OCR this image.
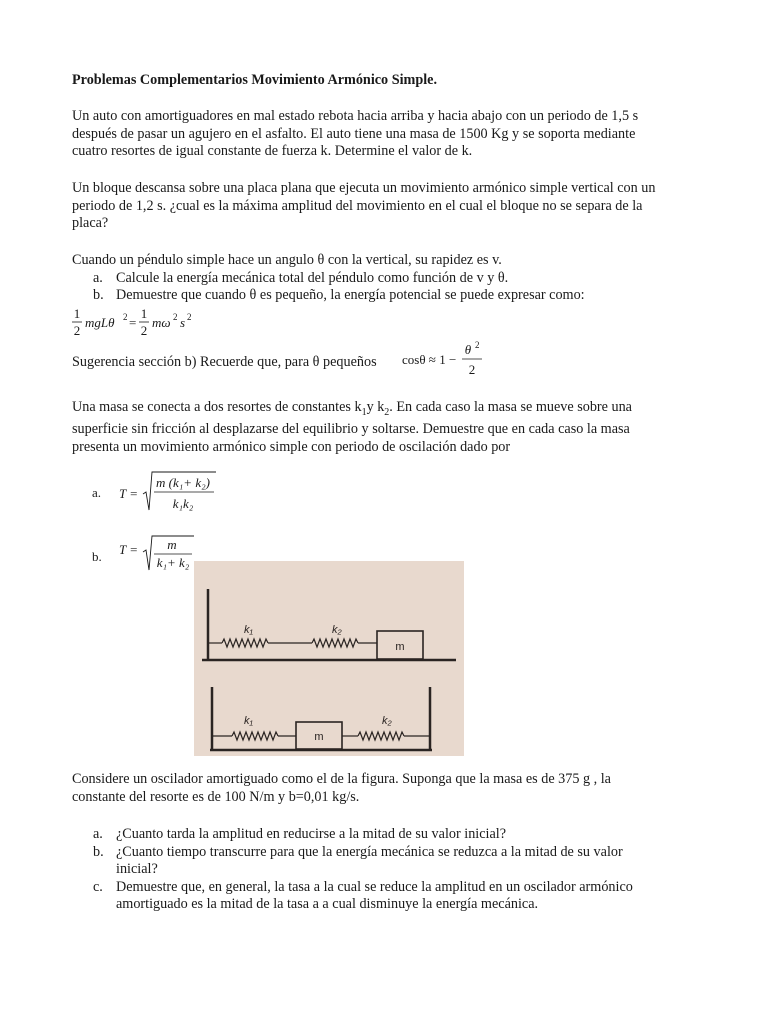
Problemas Complementarios Movimiento Armónico Simple.

Un auto con amortiguadores en mal estado rebota hacia arriba y hacia abajo con un periodo de 1,5 s

después de pasar un agujero en el asfalto. El auto tiene una masa de 1500 Kg y se soporta mediante

cuatro resortes de igual constante de fuerza k. Determine el valor de k.

Un bloque descansa sobre una placa plana que ejecuta un movimiento armónico simple vertical con un

periodo de 1,2 s. ¿cual es la máxima amplitud del movimiento en el cual el bloque no se separa de la

placa?

Cuando un péndulo simple hace un angulo θ con la vertical, su rapidez es v.

a. Calcule la energía mecánica total del péndulo como función de v y θ.
b. Demuestre que cuando θ es pequeño, la energía potencial se puede expresar como:
1
2
mgLθ 2 =
1
2
mω 2 s 2
Sugerencia sección b) Recuerde que, para θ pequeños	cosθ ≈ 1 −
θ 2
2

Una masa se conecta a dos resortes de constantes $k_1y$ $k_2$. En cada caso la masa se mueve sobre una

superficie sin fricción al desplazarse del equilibrio y soltarse. Demuestre que en cada caso la masa

presenta un movimiento armónico simple con periodo de oscilación dado por

a. T =
m (k₁+ k₂)
k₁k₂
b. T = m
k₁+ k₂
m
k₁	k₂
m
k₁	k₂

Considere un oscilador amortiguado como el de la figura. Suponga que la masa es de 375 g , la

constante del resorte es de 100 N/m y b=0,01 kg/s.

a. ¿Cuanto tarda la amplitud en reducirse a la mitad de su valor inicial?
b. ¿Cuanto tiempo transcurre para que la energía mecánica se reduzca a la mitad de su valor
inicial?
c. Demuestre que, en general, la tasa a la cual se reduce la amplitud en un oscilador armónico
amortiguado es la mitad de la tasa a a cual disminuye la energía mecánica.
